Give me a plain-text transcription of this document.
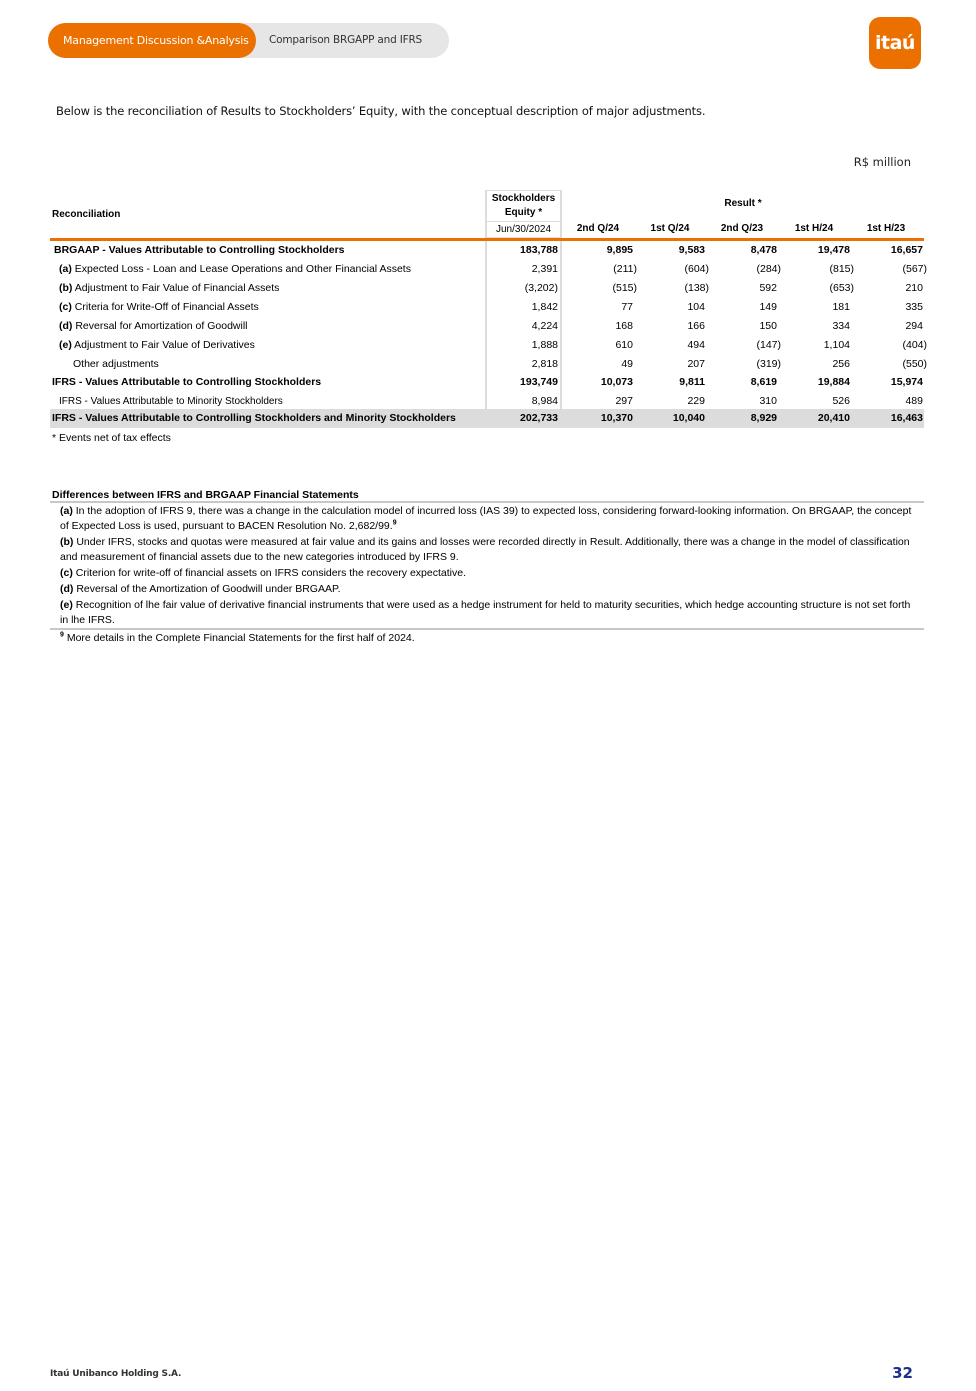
Management Discussion &Analysis	Comparison BRGAPP and IFRS	itaú
Below is the reconciliation of Results to Stockholders’ Equity, with the conceptual description of major adjustments.
R$ million
Reconciliation
Stockholders Equity *
Jun/30/2024
Result *
2nd Q/24	1st Q/24	2nd Q/23	1st H/24	1st H/23
BRGAAP - Values Attributable to Controlling Stockholders	183,788	9,895	9,583	8,478	19,478	16,657
(a) Expected Loss - Loan and Lease Operations and Other Financial Assets	2,391	(211)	(604)	(284)	(815)	(567)
(b) Adjustment to Fair Value of Financial Assets	(3,202)	(515)	(138)	592	(653)	210
(c) Criteria for Write-Off of Financial Assets	1,842	77	104	149	181	335
(d) Reversal for Amortization of Goodwill	4,224	168	166	150	334	294
(e) Adjustment to Fair Value of Derivatives	1,888	610	494	(147)	1,104	(404)
Other adjustments	2,818	49	207	(319)	256	(550)
IFRS - Values Attributable to Controlling Stockholders	193,749	10,073	9,811	8,619	19,884	15,974
IFRS - Values Attributable to Minority Stockholders	8,984	297	229	310	526	489
IFRS - Values Attributable to Controlling Stockholders and Minority Stockholders	202,733	10,370	10,040	8,929	20,410	16,463
* Events net of tax effects
Differences between IFRS and BRGAAP Financial Statements

(a) In the adoption of IFRS 9, there was a change in the calculation model of incurred loss (IAS 39) to expected loss, considering forward-looking information. On BRGAAP, the concept of Expected Loss is used, pursuant to BACEN Resolution No. 2,682/99.$^9$

(b) Under IFRS, stocks and quotas were measured at fair value and its gains and losses were recorded directly in Result. Additionally, there was a change in the model of classification and measurement of financial assets due to the new categories introduced by IFRS 9.

(c) Criterion for write-off of financial assets on IFRS considers the recovery expectative.

(d) Reversal of the Amortization of Goodwill under BRGAAP.

(e) Recognition of lhe fair value of derivative financial instruments that were used as a hedge instrument for held to maturity securities, which hedge accounting structure is not set forth in lhe IFRS.

$^9$ More details in the Complete Financial Statements for the first half of 2024.
Itaú Unibanco Holding S.A.	32
